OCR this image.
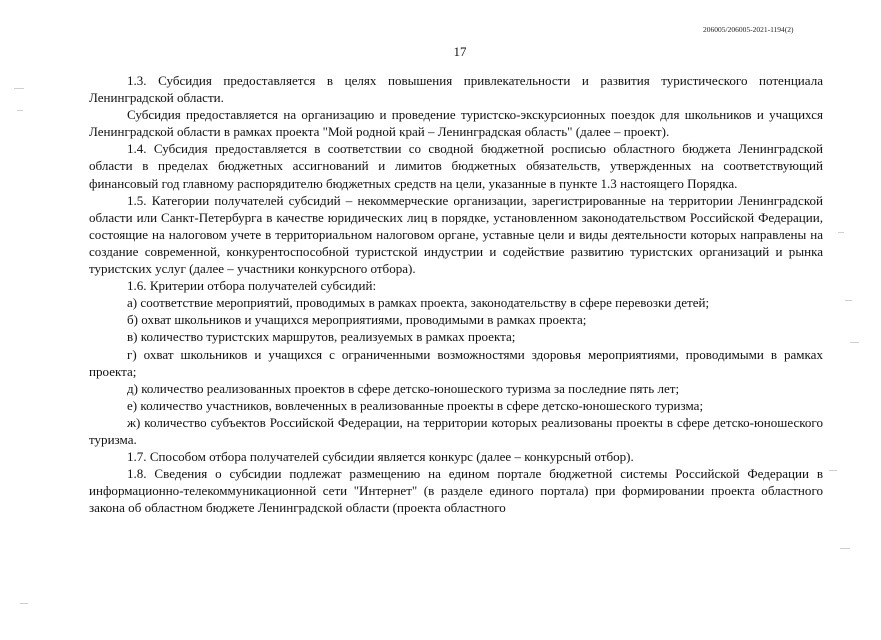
206005/206005-2021-1194(2)
17

1.3. Субсидия предоставляется в целях повышения привлекательности и развития туристического потенциала Ленинградской области.

Субсидия предоставляется на организацию и проведение туристско-экскурсионных поездок для школьников и учащихся Ленинградской области в рамках проекта "Мой родной край – Ленинградская область" (далее – проект).

1.4. Субсидия предоставляется в соответствии со сводной бюджетной росписью областного бюджета Ленинградской области в пределах бюджетных ассигнований и лимитов бюджетных обязательств, утвержденных на соответствующий финансовый год главному распорядителю бюджетных средств на цели, указанные в пункте 1.3 настоящего Порядка.

1.5. Категории получателей субсидий – некоммерческие организации, зарегистрированные на территории Ленинградской области или Санкт-Петербурга в качестве юридических лиц в порядке, установленном законодательством Российской Федерации, состоящие на налоговом учете в территориальном налоговом органе, уставные цели и виды деятельности которых направлены на создание современной, конкурентоспособной туристской индустрии и содействие развитию туристских организаций и рынка туристских услуг (далее – участники конкурсного отбора).

1.6. Критерии отбора получателей субсидий:

а) соответствие мероприятий, проводимых в рамках проекта, законодательству в сфере перевозки детей;

б) охват школьников и учащихся мероприятиями, проводимыми в рамках проекта;

в) количество туристских маршрутов, реализуемых в рамках проекта;

г) охват школьников и учащихся с ограниченными возможностями здоровья мероприятиями, проводимыми в рамках проекта;

д) количество реализованных проектов в сфере детско-юношеского туризма за последние пять лет;

е) количество участников, вовлеченных в реализованные проекты в сфере детско-юношеского туризма;

ж) количество субъектов Российской Федерации, на территории которых реализованы проекты в сфере детско-юношеского туризма.

1.7. Способом отбора получателей субсидии является конкурс (далее – конкурсный отбор).

1.8. Сведения о субсидии подлежат размещению на едином портале бюджетной системы Российской Федерации в информационно-телекоммуникационной сети "Интернет" (в разделе единого портала) при формировании проекта областного закона об областном бюджете Ленинградской области (проекта областного
